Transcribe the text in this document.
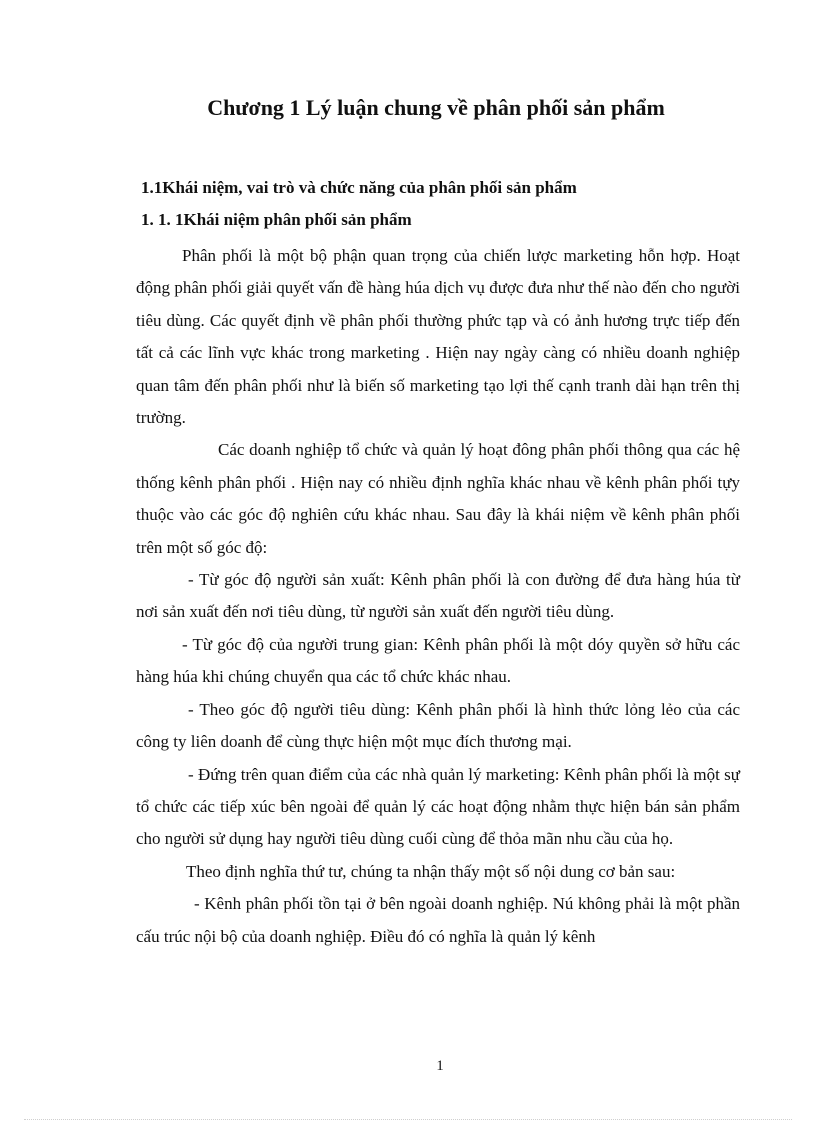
Chương 1 Lý luận chung về phân phối sản phẩm
1.1Khái niệm, vai trò và chức năng của phân phối sản phẩm
1. 1. 1Khái niệm phân phối sản phẩm

Phân phối là một bộ phận quan trọng của chiến lược marketing hỗn hợp. Hoạt động phân phối giải quyết vấn đề hàng húa dịch vụ được đưa như thế nào đến cho người tiêu dùng. Các quyết định về phân phối thường phức tạp và có ảnh hương trực tiếp đến tất cả các lĩnh vực khác trong marketing . Hiện nay ngày càng có nhiều doanh nghiệp quan tâm đến phân phối như là biến số marketing tạo lợi thế cạnh tranh dài hạn trên thị trường.

Các doanh nghiệp tổ chức và quản lý hoạt đông phân phối thông qua các hệ thống kênh phân phối . Hiện nay có nhiều định nghĩa khác nhau về kênh phân phối tựy thuộc vào các góc độ nghiên cứu khác nhau. Sau đây là khái niệm về kênh phân phối trên một số góc độ:

- Từ góc độ người sản xuất: Kênh phân phối là con đường để đưa hàng húa từ nơi sản xuất đến nơi tiêu dùng, từ người sản xuất đến người tiêu dùng.

- Từ góc độ của người trung gian: Kênh phân phối là một dóy quyền sở hữu các hàng húa khi chúng chuyển qua các tổ chức khác nhau.

- Theo góc độ người tiêu dùng: Kênh phân phối là hình thức lỏng lẻo của các công ty liên doanh để cùng thực hiện một mục đích thương mại.

- Đứng trên quan điểm của các nhà quản lý marketing: Kênh phân phối là một sự tổ chức các tiếp xúc bên ngoài để quản lý các hoạt động nhằm thực hiện bán sản phẩm cho người sử dụng hay người tiêu dùng cuối cùng để thỏa mãn nhu cầu của họ.

Theo định nghĩa thứ tư, chúng ta nhận thấy một số nội dung cơ bản sau:

- Kênh phân phối tồn tại ở bên ngoài doanh nghiệp. Nú không phải là một phần cấu trúc nội bộ của doanh nghiệp. Điều đó có nghĩa là quản lý kênh

1
